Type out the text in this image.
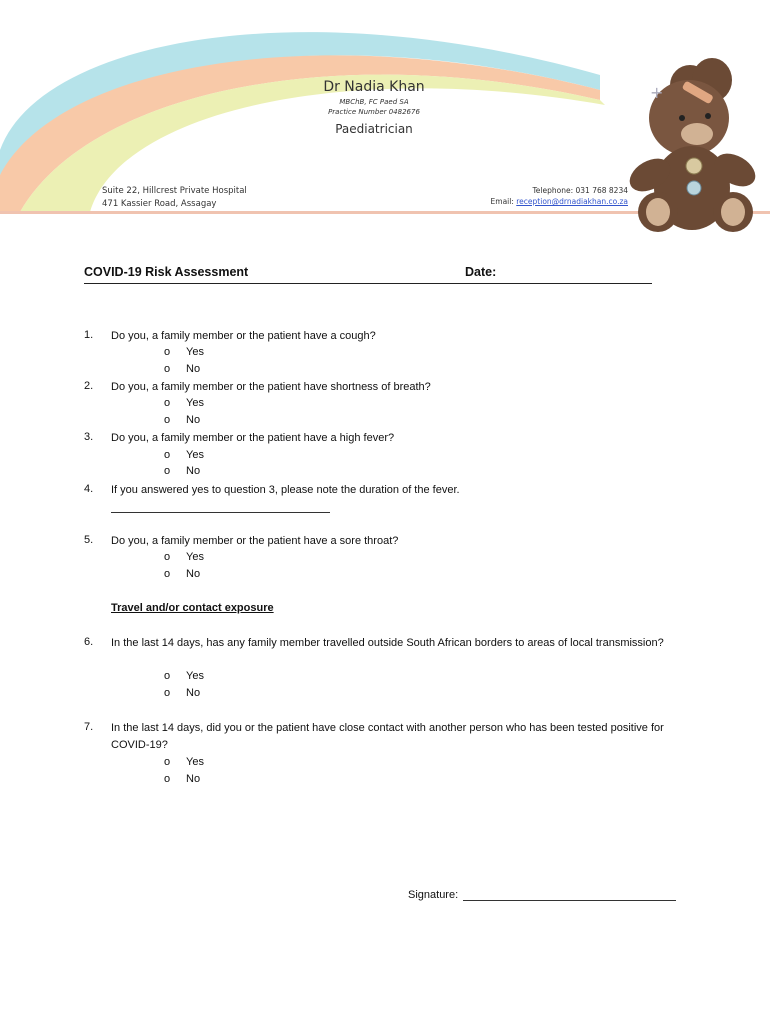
+
Dr Nadia Khan
MBChB, FC Paed SA
Practice Number 0482676
Paediatrician
Suite 22, Hillcrest Private Hospital
471 Kassier Road, Assagay
Telephone: 031 768 8234
Email: reception@drnadiakhan.co.za
COVID-19 Risk Assessment	Date:
1. Do you, a family member or the patient have a cough?
o Yes
o No
2. Do you, a family member or the patient have shortness of breath?
o Yes
o No
3. Do you, a family member or the patient have a high fever?
o Yes
o No
4. If you answered yes to question 3, please note the duration of the fever.
5. Do you, a family member or the patient have a sore throat?
o Yes
o No
Travel and/or contact exposure
6. In the last 14 days, has any family member travelled outside South African borders to areas of local transmission?
o Yes
o No
7. In the last 14 days, did you or the patient have close contact with another person who has been tested positive for COVID-19?
o Yes
o No
Signature:
